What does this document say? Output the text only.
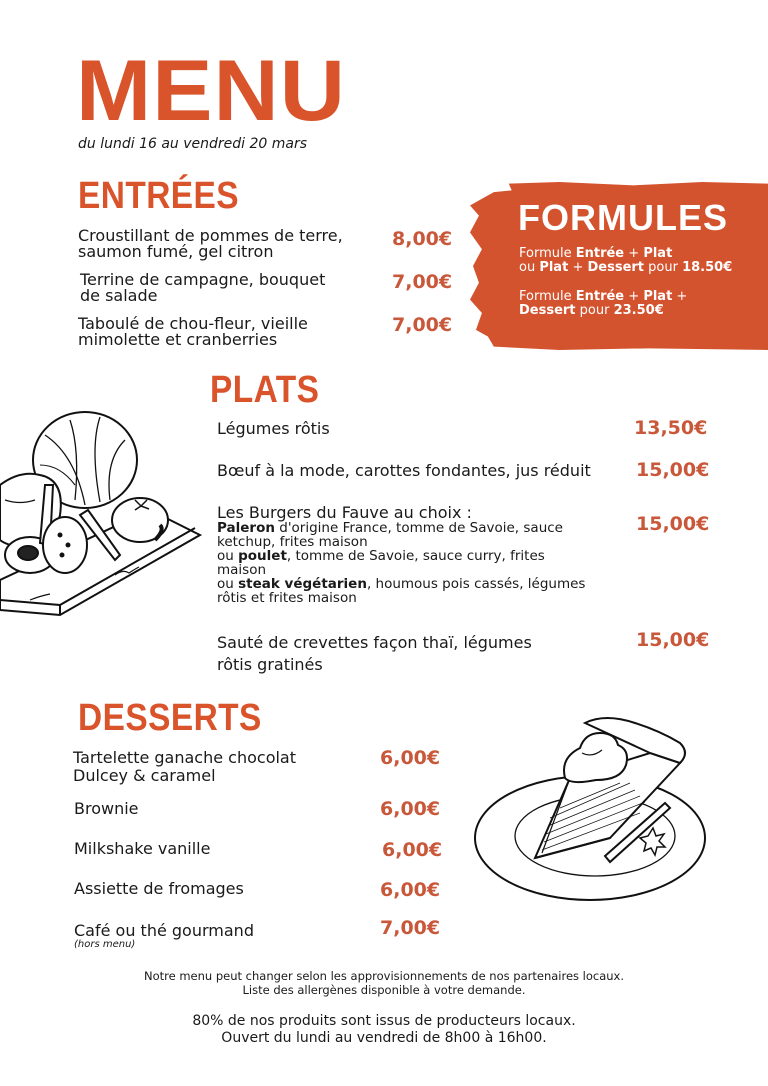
MENU
du lundi 16 au vendredi 20 mars
ENTRÉES
Croustillant de pommes de terre,
saumon fumé, gel citron
8,00€
Terrine de campagne, bouquet
de salade
7,00€
Taboulé de chou-fleur, vieille
mimolette et cranberries
7,00€
FORMULES
Formule Entrée + Plat
ou Plat + Dessert pour 18.50€
Formule Entrée + Plat +
Dessert pour 23.50€
PLATS
Légumes rôtis	13,50€
Bœuf à la mode, carottes fondantes, jus réduit 15,00€
Les Burgers du Fauve au choix :
Paleron d'origine France, tomme de Savoie, sauce
ketchup, frites maison
ou poulet, tomme de Savoie, sauce curry, frites
maison
ou steak végétarien, houmous pois cassés, légumes
rôtis et frites maison
15,00€
Sauté de crevettes façon thaï, légumes
rôtis gratinés
15,00€
DESSERTS
Tartelette ganache chocolat
Dulcey & caramel
6,00€
Brownie	6,00€
Milkshake vanille	6,00€
Assiette de fromages	6,00€
Café ou thé gourmand
(hors menu)
7,00€
Notre menu peut changer selon les approvisionnements de nos partenaires locaux.
Liste des allergènes disponible à votre demande.
80% de nos produits sont issus de producteurs locaux.
Ouvert du lundi au vendredi de 8h00 à 16h00.
